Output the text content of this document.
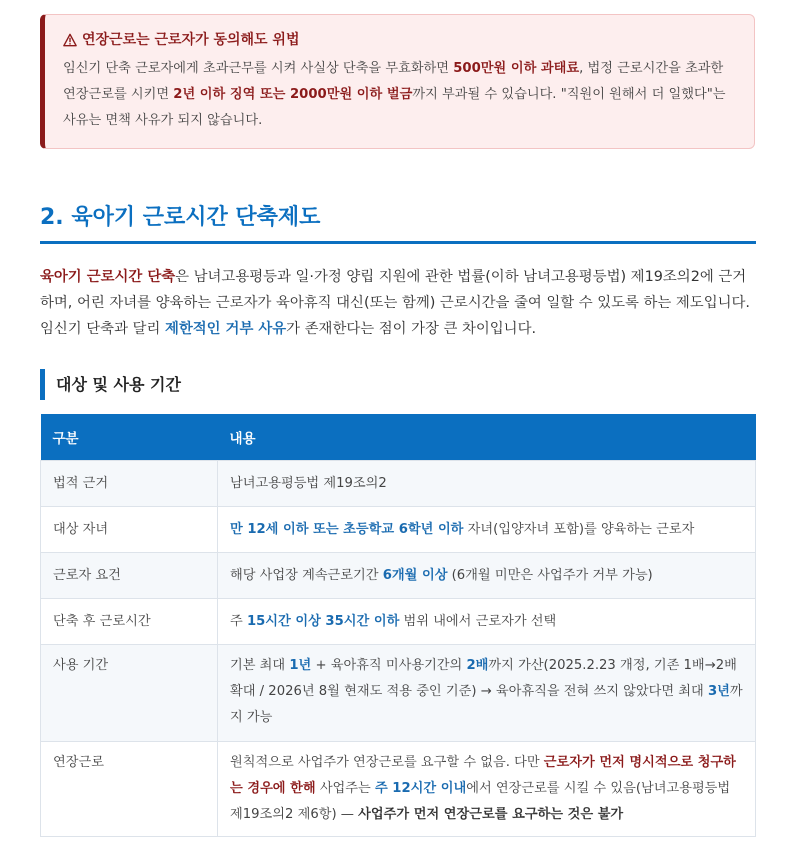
연장근로는 근로자가 동의해도 위법
임신기 단축 근로자에게 초과근무를 시켜 사실상 단축을 무효화하면 500만원 이하 과태료, 법정 근로시간을 초과한 연장근로를 시키면 2년 이하 징역 또는 2000만원 이하 벌금까지 부과될 수 있습니다. "직원이 원해서 더 일했다"는 사유는 면책 사유가 되지 않습니다.
2. 육아기 근로시간 단축제도

육아기 근로시간 단축은 남녀고용평등과 일·가정 양립 지원에 관한 법률(이하 남녀고용평등법) 제19조의2에 근거하며, 어린 자녀를 양육하는 근로자가 육아휴직 대신(또는 함께) 근로시간을 줄여 일할 수 있도록 하는 제도입니다. 임신기 단축과 달리 제한적인 거부 사유가 존재한다는 점이 가장 큰 차이입니다.

대상 및 사용 기간
구분	내용
법적 근거	남녀고용평등법 제19조의2
대상 자녀	만 12세 이하 또는 초등학교 6학년 이하 자녀(입양자녀 포함)를 양육하는 근로자
근로자 요건	해당 사업장 계속근로기간 6개월 이상 (6개월 미만은 사업주가 거부 가능)
단축 후 근로시간	주 15시간 이상 35시간 이하 범위 내에서 근로자가 선택
사용 기간	기본 최대 1년 + 육아휴직 미사용기간의 2배까지 가산(2025.2.23 개정, 기존 1배→2배 확대 / 2026년 8월 현재도 적용 중인 기준) → 육아휴직을 전혀 쓰지 않았다면 최대 3년까지 가능
연장근로	원칙적으로 사업주가 연장근로를 요구할 수 없음. 다만 근로자가 먼저 명시적으로 청구하는 경우에 한해 사업주는 주 12시간 이내에서 연장근로를 시킬 수 있음(남녀고용평등법 제19조의2 제6항) — 사업주가 먼저 연장근로를 요구하는 것은 불가
